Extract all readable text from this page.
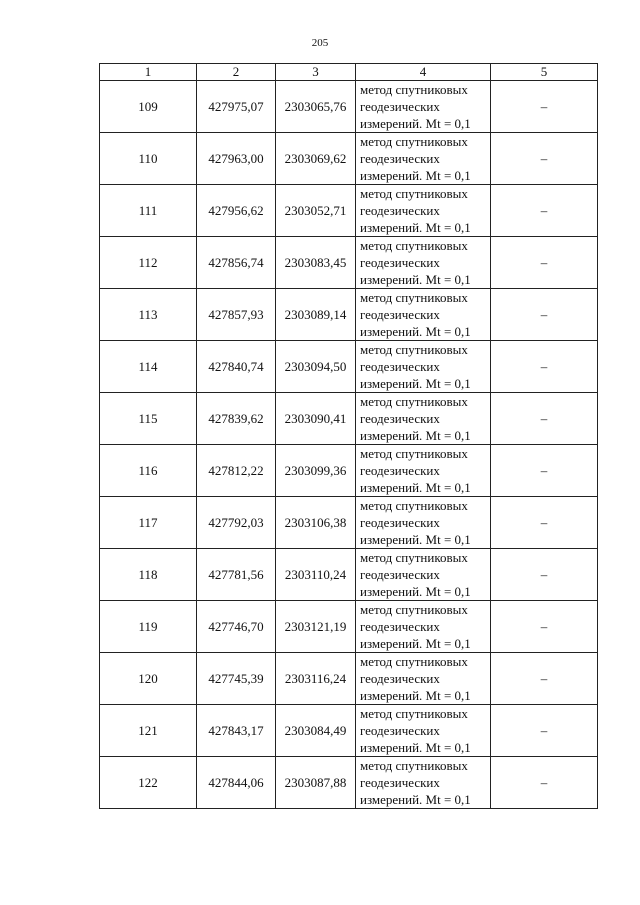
205
1	2	3	4	5
109	427975,07	2303065,76	метод спутниковых
геодезических
измерений. Mt = 0,1	–
110	427963,00	2303069,62	метод спутниковых
геодезических
измерений. Mt = 0,1	–
111	427956,62	2303052,71	метод спутниковых
геодезических
измерений. Mt = 0,1	–
112	427856,74	2303083,45	метод спутниковых
геодезических
измерений. Mt = 0,1	–
113	427857,93	2303089,14	метод спутниковых
геодезических
измерений. Mt = 0,1	–
114	427840,74	2303094,50	метод спутниковых
геодезических
измерений. Mt = 0,1	–
115	427839,62	2303090,41	метод спутниковых
геодезических
измерений. Mt = 0,1	–
116	427812,22	2303099,36	метод спутниковых
геодезических
измерений. Mt = 0,1	–
117	427792,03	2303106,38	метод спутниковых
геодезических
измерений. Mt = 0,1	–
118	427781,56	2303110,24	метод спутниковых
геодезических
измерений. Mt = 0,1	–
119	427746,70	2303121,19	метод спутниковых
геодезических
измерений. Mt = 0,1	–
120	427745,39	2303116,24	метод спутниковых
геодезических
измерений. Mt = 0,1	–
121	427843,17	2303084,49	метод спутниковых
геодезических
измерений. Mt = 0,1	–
122	427844,06	2303087,88	метод спутниковых
геодезических
измерений. Mt = 0,1	–
